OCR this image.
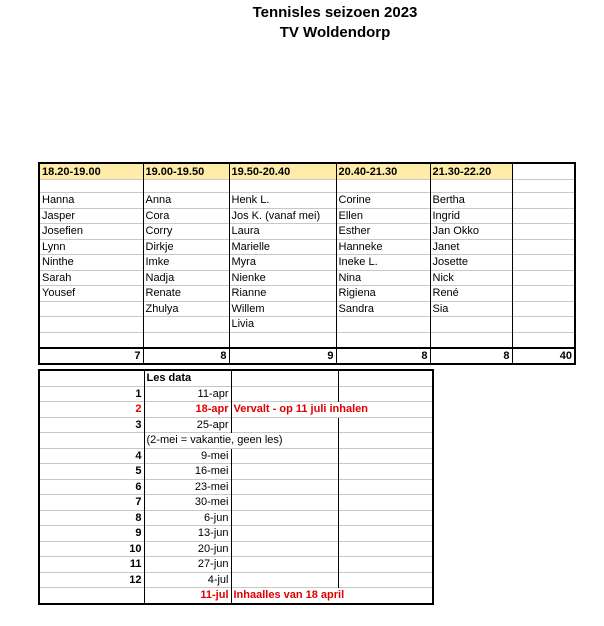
Tennisles seizoen 2023
TV Woldendorp
18.20-19.00	19.00-19.50	19.50-20.40	20.40-21.30	21.30-22.20	

Hanna	Anna	Henk L.	Corine	Bertha	
Jasper	Cora	Jos K. (vanaf mei)	Ellen	Ingrid	
Josefien	Corry	Laura	Esther	Jan Okko	
Lynn	Dirkje	Marielle	Hanneke	Janet	
Ninthe	Imke	Myra	Ineke L.	Josette	
Sarah	Nadja	Nienke	Nina	Nick	
Yousef	Renate	Rianne	Rigiena	René	
	Zhulya	Willem	Sandra	Sia	
		Livia			

7	8	9	8	8	40
	Les data		
1	11-apr		
2	18-apr	Vervalt - op 11 juli inhalen	
3	25-apr		
	(2-mei = vakantie, geen les)		
4	9-mei		
5	16-mei		
6	23-mei		
7	30-mei		
8	6-jun		
9	13-jun		
10	20-jun		
11	27-jun		
12	4-jul		
	11-jul	Inhaalles van 18 april	
